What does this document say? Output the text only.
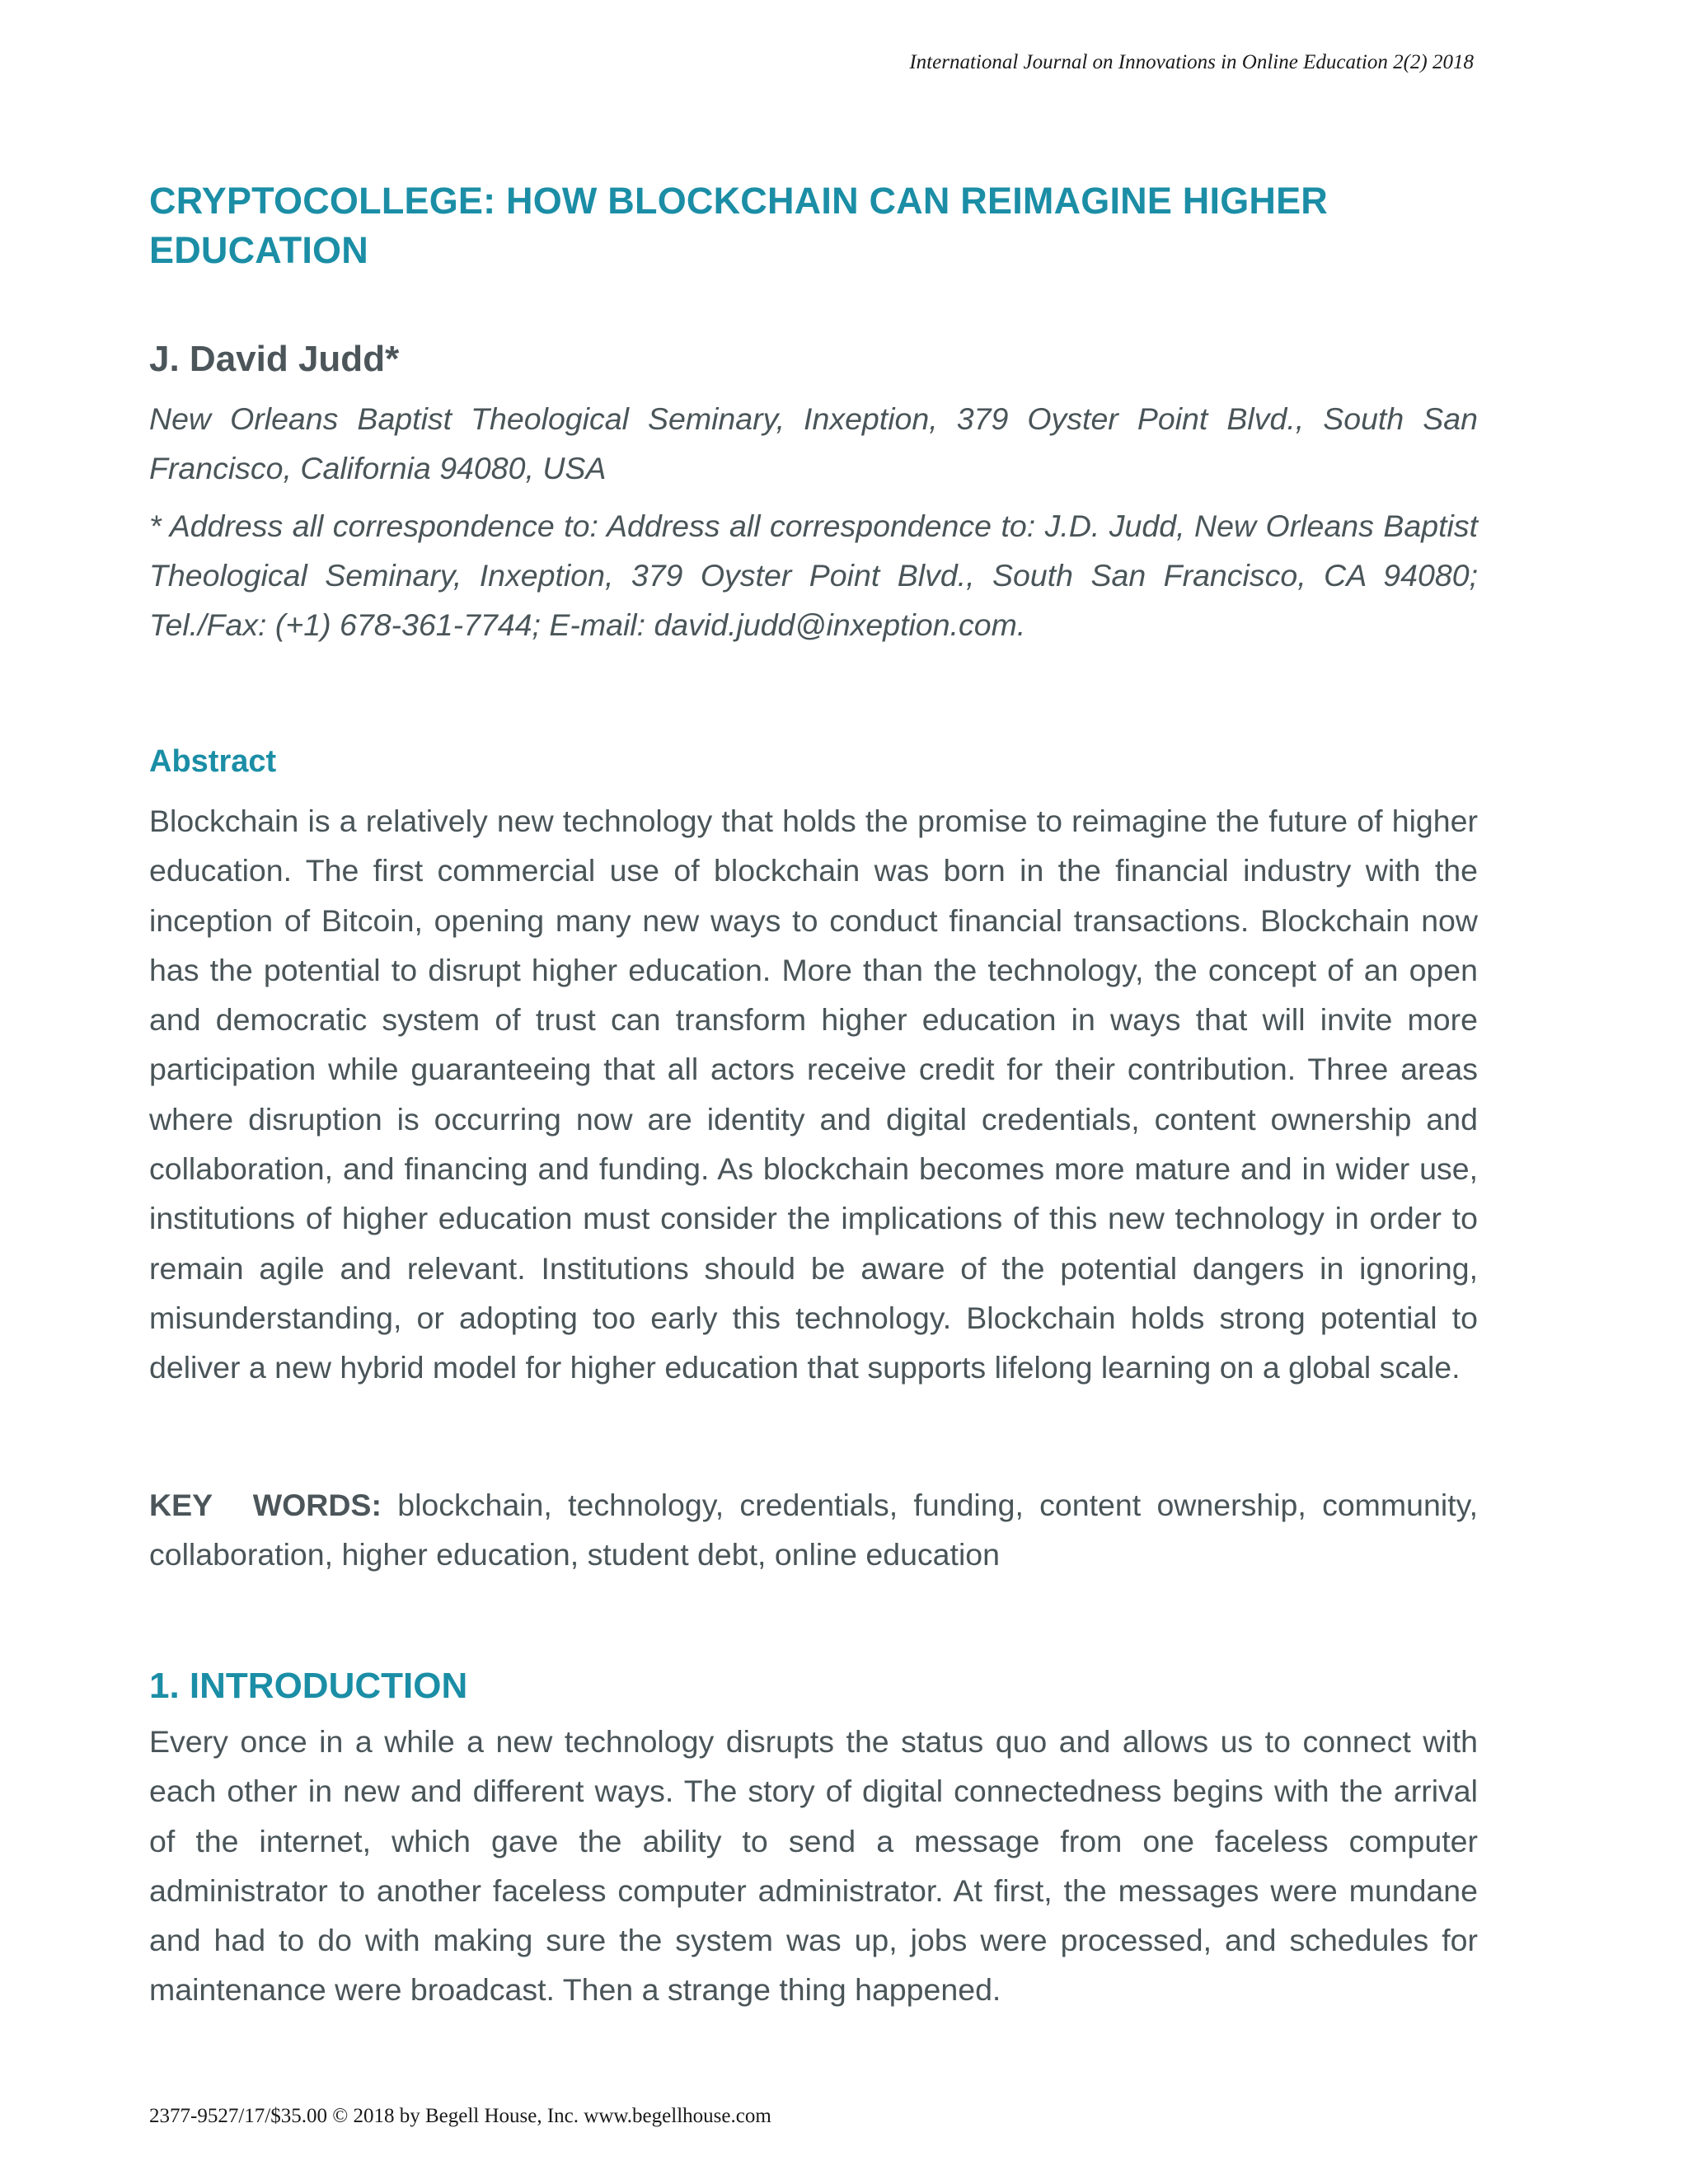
International Journal on Innovations in Online Education 2(2) 2018
CRYPTOCOLLEGE: HOW BLOCKCHAIN CAN REIMAGINE HIGHER EDUCATION
J. David Judd*

New Orleans Baptist Theological Seminary, Inxeption, 379 Oyster Point Blvd., South San Francisco, California 94080, USA

* Address all correspondence to: Address all correspondence to: J.D. Judd, New Orleans Baptist Theological Seminary, Inxeption, 379 Oyster Point Blvd., South San Francisco, CA 94080; Tel./Fax: (+1) 678-361-7744; E-mail: david.judd@inxeption.com.

Abstract

Blockchain is a relatively new technology that holds the promise to reimagine the future of higher education. The first commercial use of blockchain was born in the financial industry with the inception of Bitcoin, opening many new ways to conduct financial transactions. Blockchain now has the potential to disrupt higher education. More than the technology, the concept of an open and democratic system of trust can transform higher education in ways that will invite more participation while guaranteeing that all actors receive credit for their contribution. Three areas where disruption is occurring now are identity and digital credentials, content ownership and collaboration, and financing and funding. As blockchain becomes more mature and in wider use, institutions of higher education must consider the implications of this new technology in order to remain agile and relevant. Institutions should be aware of the potential dangers in ignoring, misunderstanding, or adopting too early this technology. Blockchain holds strong potential to deliver a new hybrid model for higher education that supports lifelong learning on a global scale.

KEY WORDS: blockchain, technology, credentials, funding, content ownership, community, collaboration, higher education, student debt, online education

1. INTRODUCTION

Every once in a while a new technology disrupts the status quo and allows us to connect with each other in new and different ways. The story of digital connectedness begins with the arrival of the internet, which gave the ability to send a message from one faceless computer administrator to another faceless computer administrator. At first, the messages were mundane and had to do with making sure the system was up, jobs were processed, and schedules for maintenance were broadcast. Then a strange thing happened.

2377-9527/17/$35.00 © 2018 by Begell House, Inc. www.begellhouse.com
